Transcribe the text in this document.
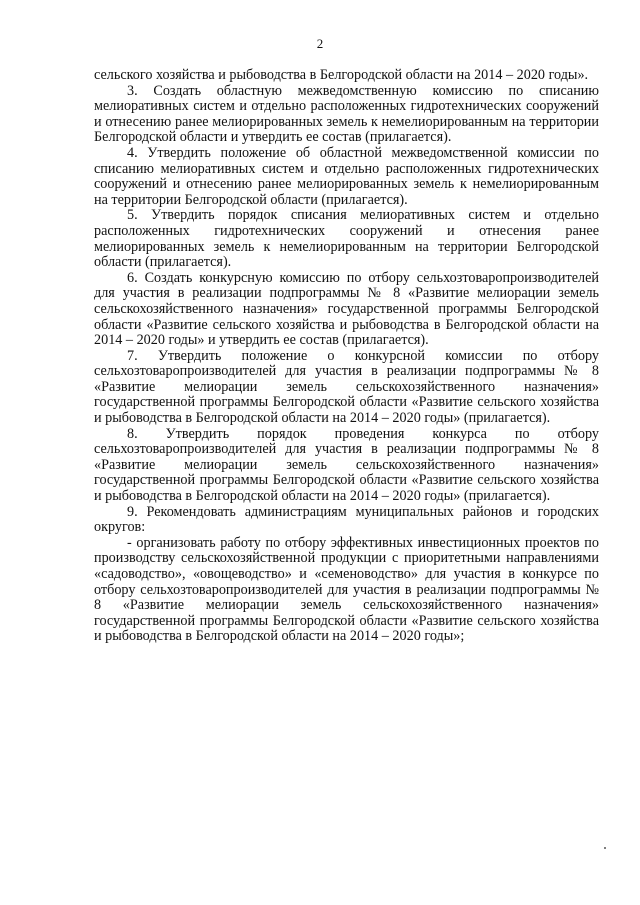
2

сельского хозяйства и рыбоводства в Белгородской области на 2014 – 2020 годы».

3. Создать областную межведомственную комиссию по списанию мелиоративных систем и отдельно расположенных гидротехнических сооружений и отнесению ранее мелиорированных земель к немелиорированным на территории Белгородской области и утвердить ее состав (прилагается).

4. Утвердить положение об областной межведомственной комиссии по списанию мелиоративных систем и отдельно расположенных гидротехнических сооружений и отнесению ранее мелиорированных земель к немелиорированным на территории Белгородской области (прилагается).

5. Утвердить порядок списания мелиоративных систем и отдельно расположенных гидротехнических сооружений и отнесения ранее мелиорированных земель к немелиорированным на территории Белгородской области (прилагается).

6. Создать конкурсную комиссию по отбору сельхозтоваропроизводителей для участия в реализации подпрограммы № 8 «Развитие мелиорации земель сельскохозяйственного назначения» государственной программы Белгородской области «Развитие сельского хозяйства и рыбоводства в Белгородской области на 2014 – 2020 годы» и утвердить ее состав (прилагается).

7. Утвердить положение о конкурсной комиссии по отбору сельхозтоваропроизводителей для участия в реализации подпрограммы № 8 «Развитие мелиорации земель сельскохозяйственного назначения» государственной программы Белгородской области «Развитие сельского хозяйства и рыбоводства в Белгородской области на 2014 – 2020 годы» (прилагается).

8. Утвердить порядок проведения конкурса по отбору сельхозтоваропроизводителей для участия в реализации подпрограммы № 8 «Развитие мелиорации земель сельскохозяйственного назначения» государственной программы Белгородской области «Развитие сельского хозяйства и рыбоводства в Белгородской области на 2014 – 2020 годы» (прилагается).

9. Рекомендовать администрациям муниципальных районов и городских округов:

- организовать работу по отбору эффективных инвестиционных проектов по производству сельскохозяйственной продукции с приоритетными направлениями «садоводство», «овощеводство» и «семеноводство» для участия в конкурсе по отбору сельхозтоваропроизводителей для участия в реализации подпрограммы № 8 «Развитие мелиорации земель сельскохозяйственного назначения» государственной программы Белгородской области «Развитие сельского хозяйства и рыбоводства в Белгородской области на 2014 – 2020 годы»;
